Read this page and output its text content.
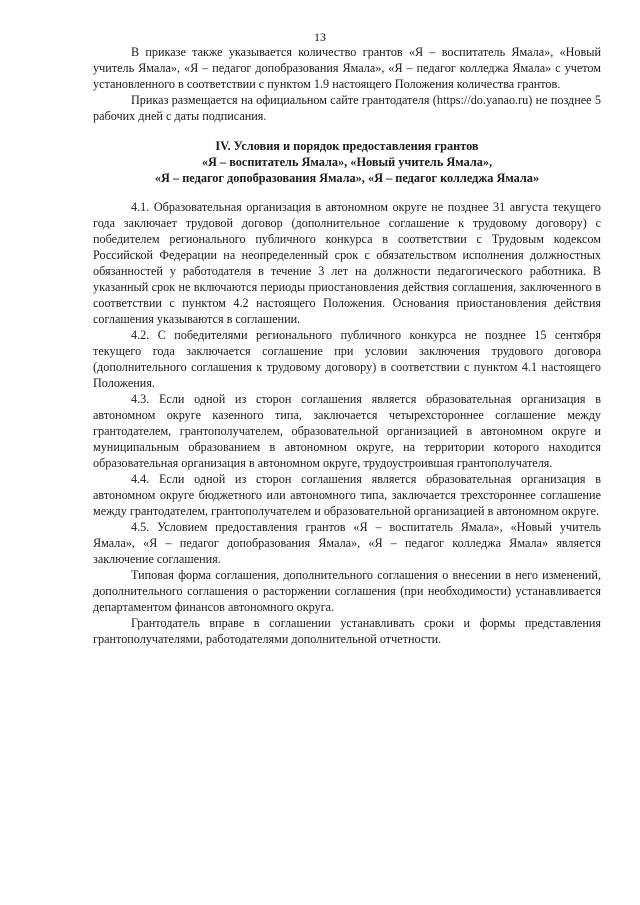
13

В приказе также указывается количество грантов «Я – воспитатель Ямала», «Новый учитель Ямала», «Я – педагог допобразования Ямала», «Я – педагог колледжа Ямала» с учетом установленного в соответствии с пунктом 1.9 настоящего Положения количества грантов.

Приказ размещается на официальном сайте грантодателя (https://do.yanao.ru) не позднее 5 рабочих дней с даты подписания.

IV. Условия и порядок предоставления грантов
«Я – воспитатель Ямала», «Новый учитель Ямала»,
«Я – педагог допобразования Ямала», «Я – педагог колледжа Ямала»

4.1. Образовательная организация в автономном округе не позднее 31 августа текущего года заключает трудовой договор (дополнительное соглашение к трудовому договору) с победителем регионального публичного конкурса в соответствии с Трудовым кодексом Российской Федерации на неопределенный срок с обязательством исполнения должностных обязанностей у работодателя в течение 3 лет на должности педагогического работника. В указанный срок не включаются периоды приостановления действия соглашения, заключенного в соответствии с пунктом 4.2 настоящего Положения. Основания приостановления действия соглашения указываются в соглашении.

4.2. С победителями регионального публичного конкурса не позднее 15 сентября текущего года заключается соглашение при условии заключения трудового договора (дополнительного соглашения к трудовому договору) в соответствии с пунктом 4.1 настоящего Положения.

4.3. Если одной из сторон соглашения является образовательная организация в автономном округе казенного типа, заключается четырехстороннее соглашение между грантодателем, грантополучателем, образовательной организацией в автономном округе и муниципальным образованием в автономном округе, на территории которого находится образовательная организация в автономном округе, трудоустроившая грантополучателя.

4.4. Если одной из сторон соглашения является образовательная организация в автономном округе бюджетного или автономного типа, заключается трехстороннее соглашение между грантодателем, грантополучателем и образовательной организацией в автономном округе.

4.5. Условием предоставления грантов «Я – воспитатель Ямала», «Новый учитель Ямала», «Я – педагог допобразования Ямала», «Я – педагог колледжа Ямала» является заключение соглашения.

Типовая форма соглашения, дополнительного соглашения о внесении в него изменений, дополнительного соглашения о расторжении соглашения (при необходимости) устанавливается департаментом финансов автономного округа.

Грантодатель вправе в соглашении устанавливать сроки и формы представления грантополучателями, работодателями дополнительной отчетности.
